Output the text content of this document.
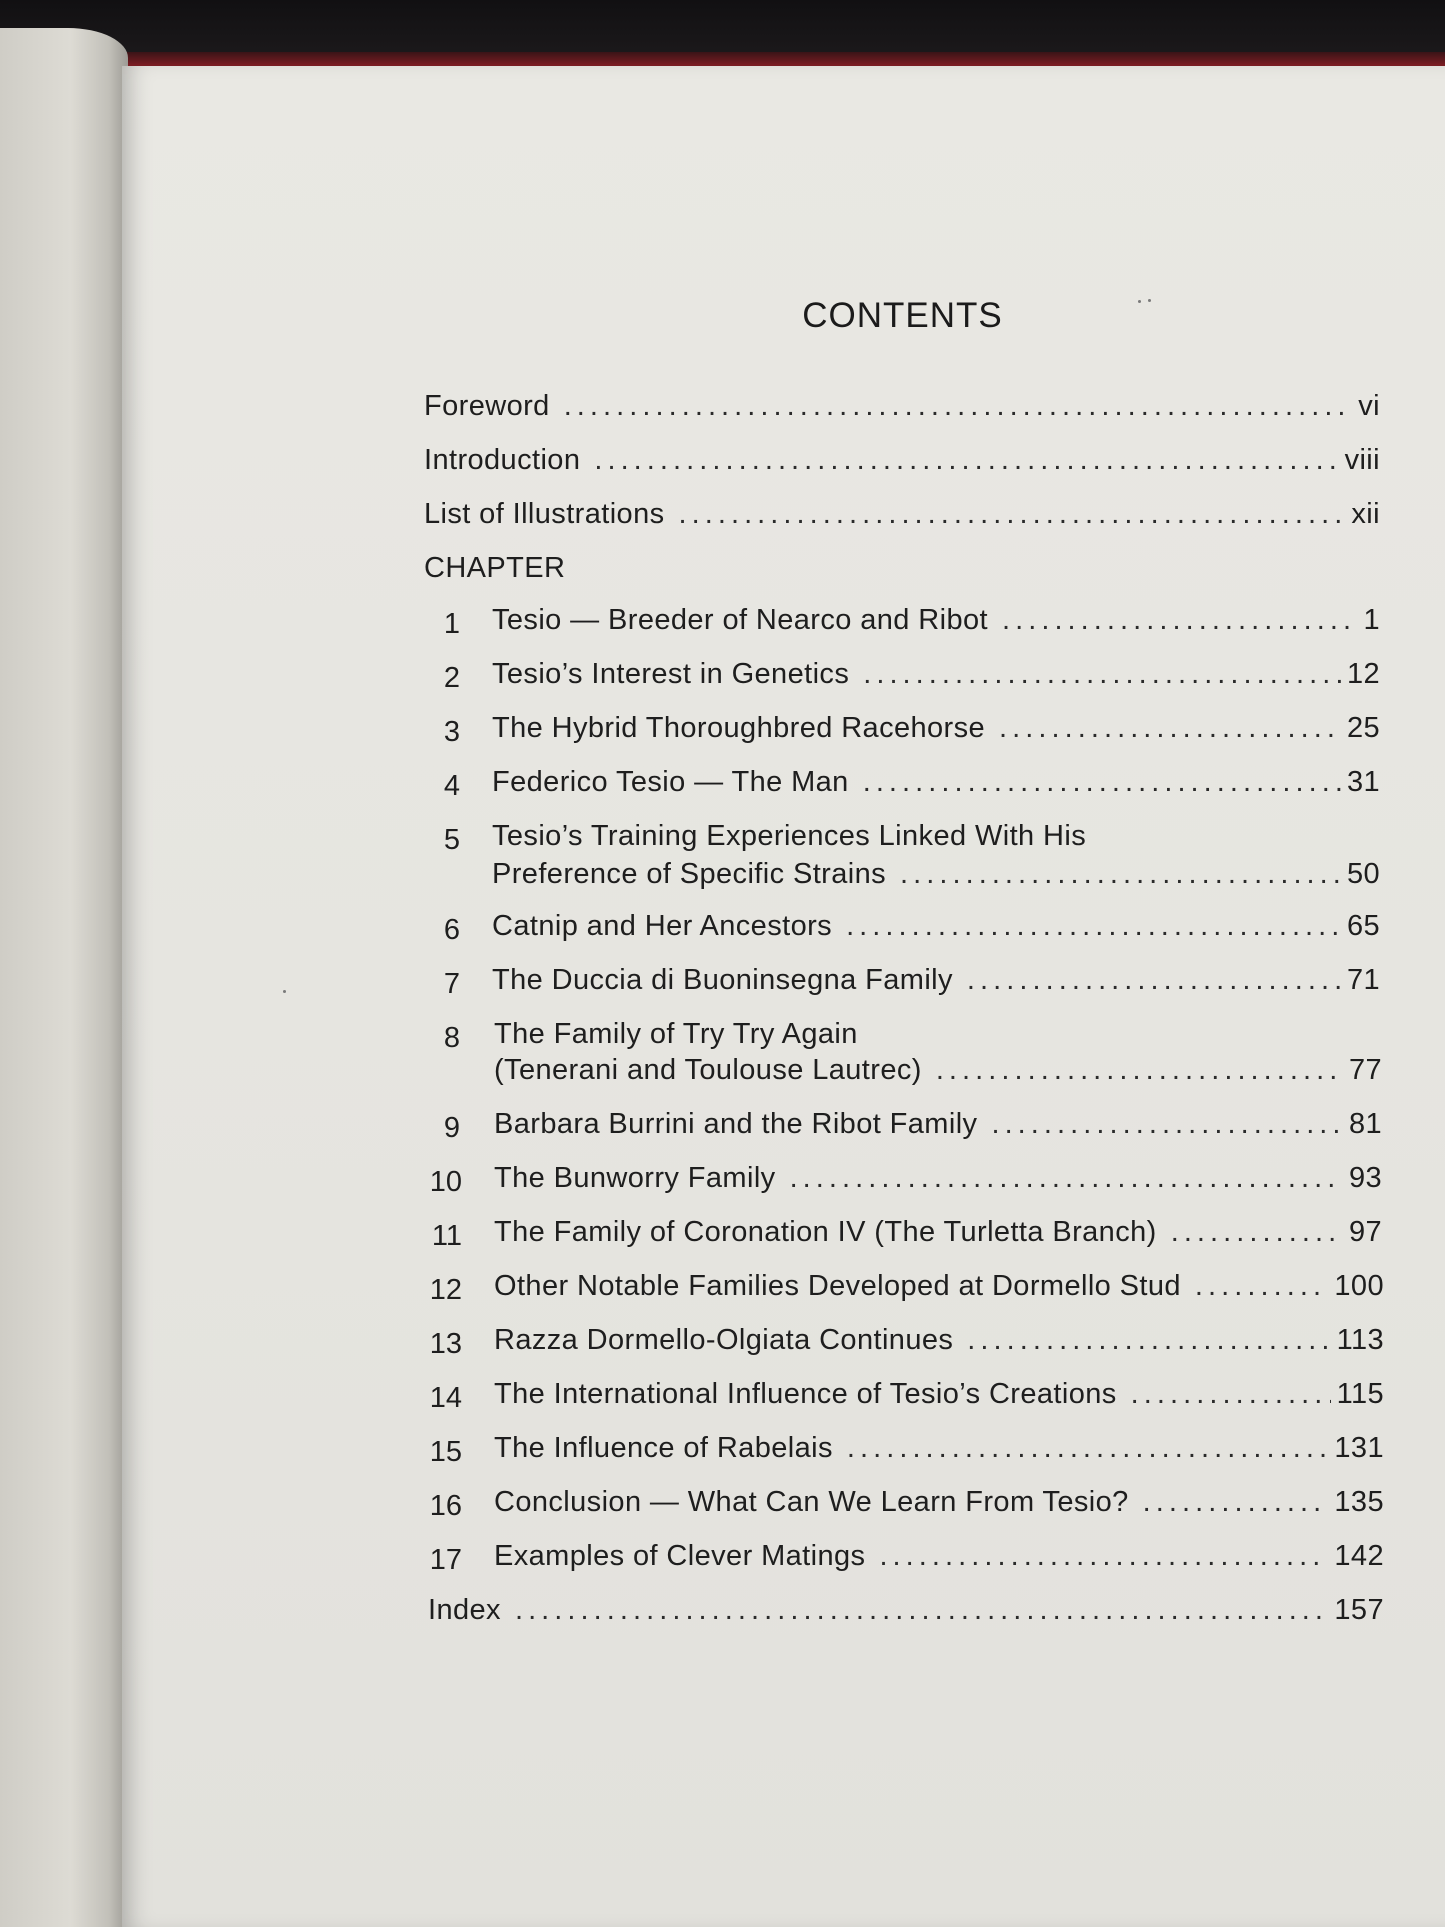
CONTENTS
Foreword . . .	vi
Introduction . . .	viii
List of Illustrations . . .	xii
CHAPTER
1 Tesio — Breeder of Nearco and Ribot . . .	1
2 Tesio’s Interest in Genetics . . .	12
3 The Hybrid Thoroughbred Racehorse . . .	25
4 Federico Tesio — The Man . . .	31
5 Tesio’s Training Experiences Linked With His
Preference of Specific Strains . . .	50
6 Catnip and Her Ancestors . . .	65
7 The Duccia di Buoninsegna Family . . .	71
8 The Family of Try Try Again
(Tenerani and Toulouse Lautrec) . . .	77
9 Barbara Burrini and the Ribot Family . . .	81
10 The Bunworry Family . . .	93
11 The Family of Coronation IV (The Turletta Branch) . . .	97
12 Other Notable Families Developed at Dormello Stud . . .	100
13 Razza Dormello-Olgiata Continues . . .	113
14 The International Influence of Tesio’s Creations . . .	115
15 The Influence of Rabelais . . .	131
16 Conclusion — What Can We Learn From Tesio? . . .	135
17 Examples of Clever Matings . . .	142
Index . . .	157
